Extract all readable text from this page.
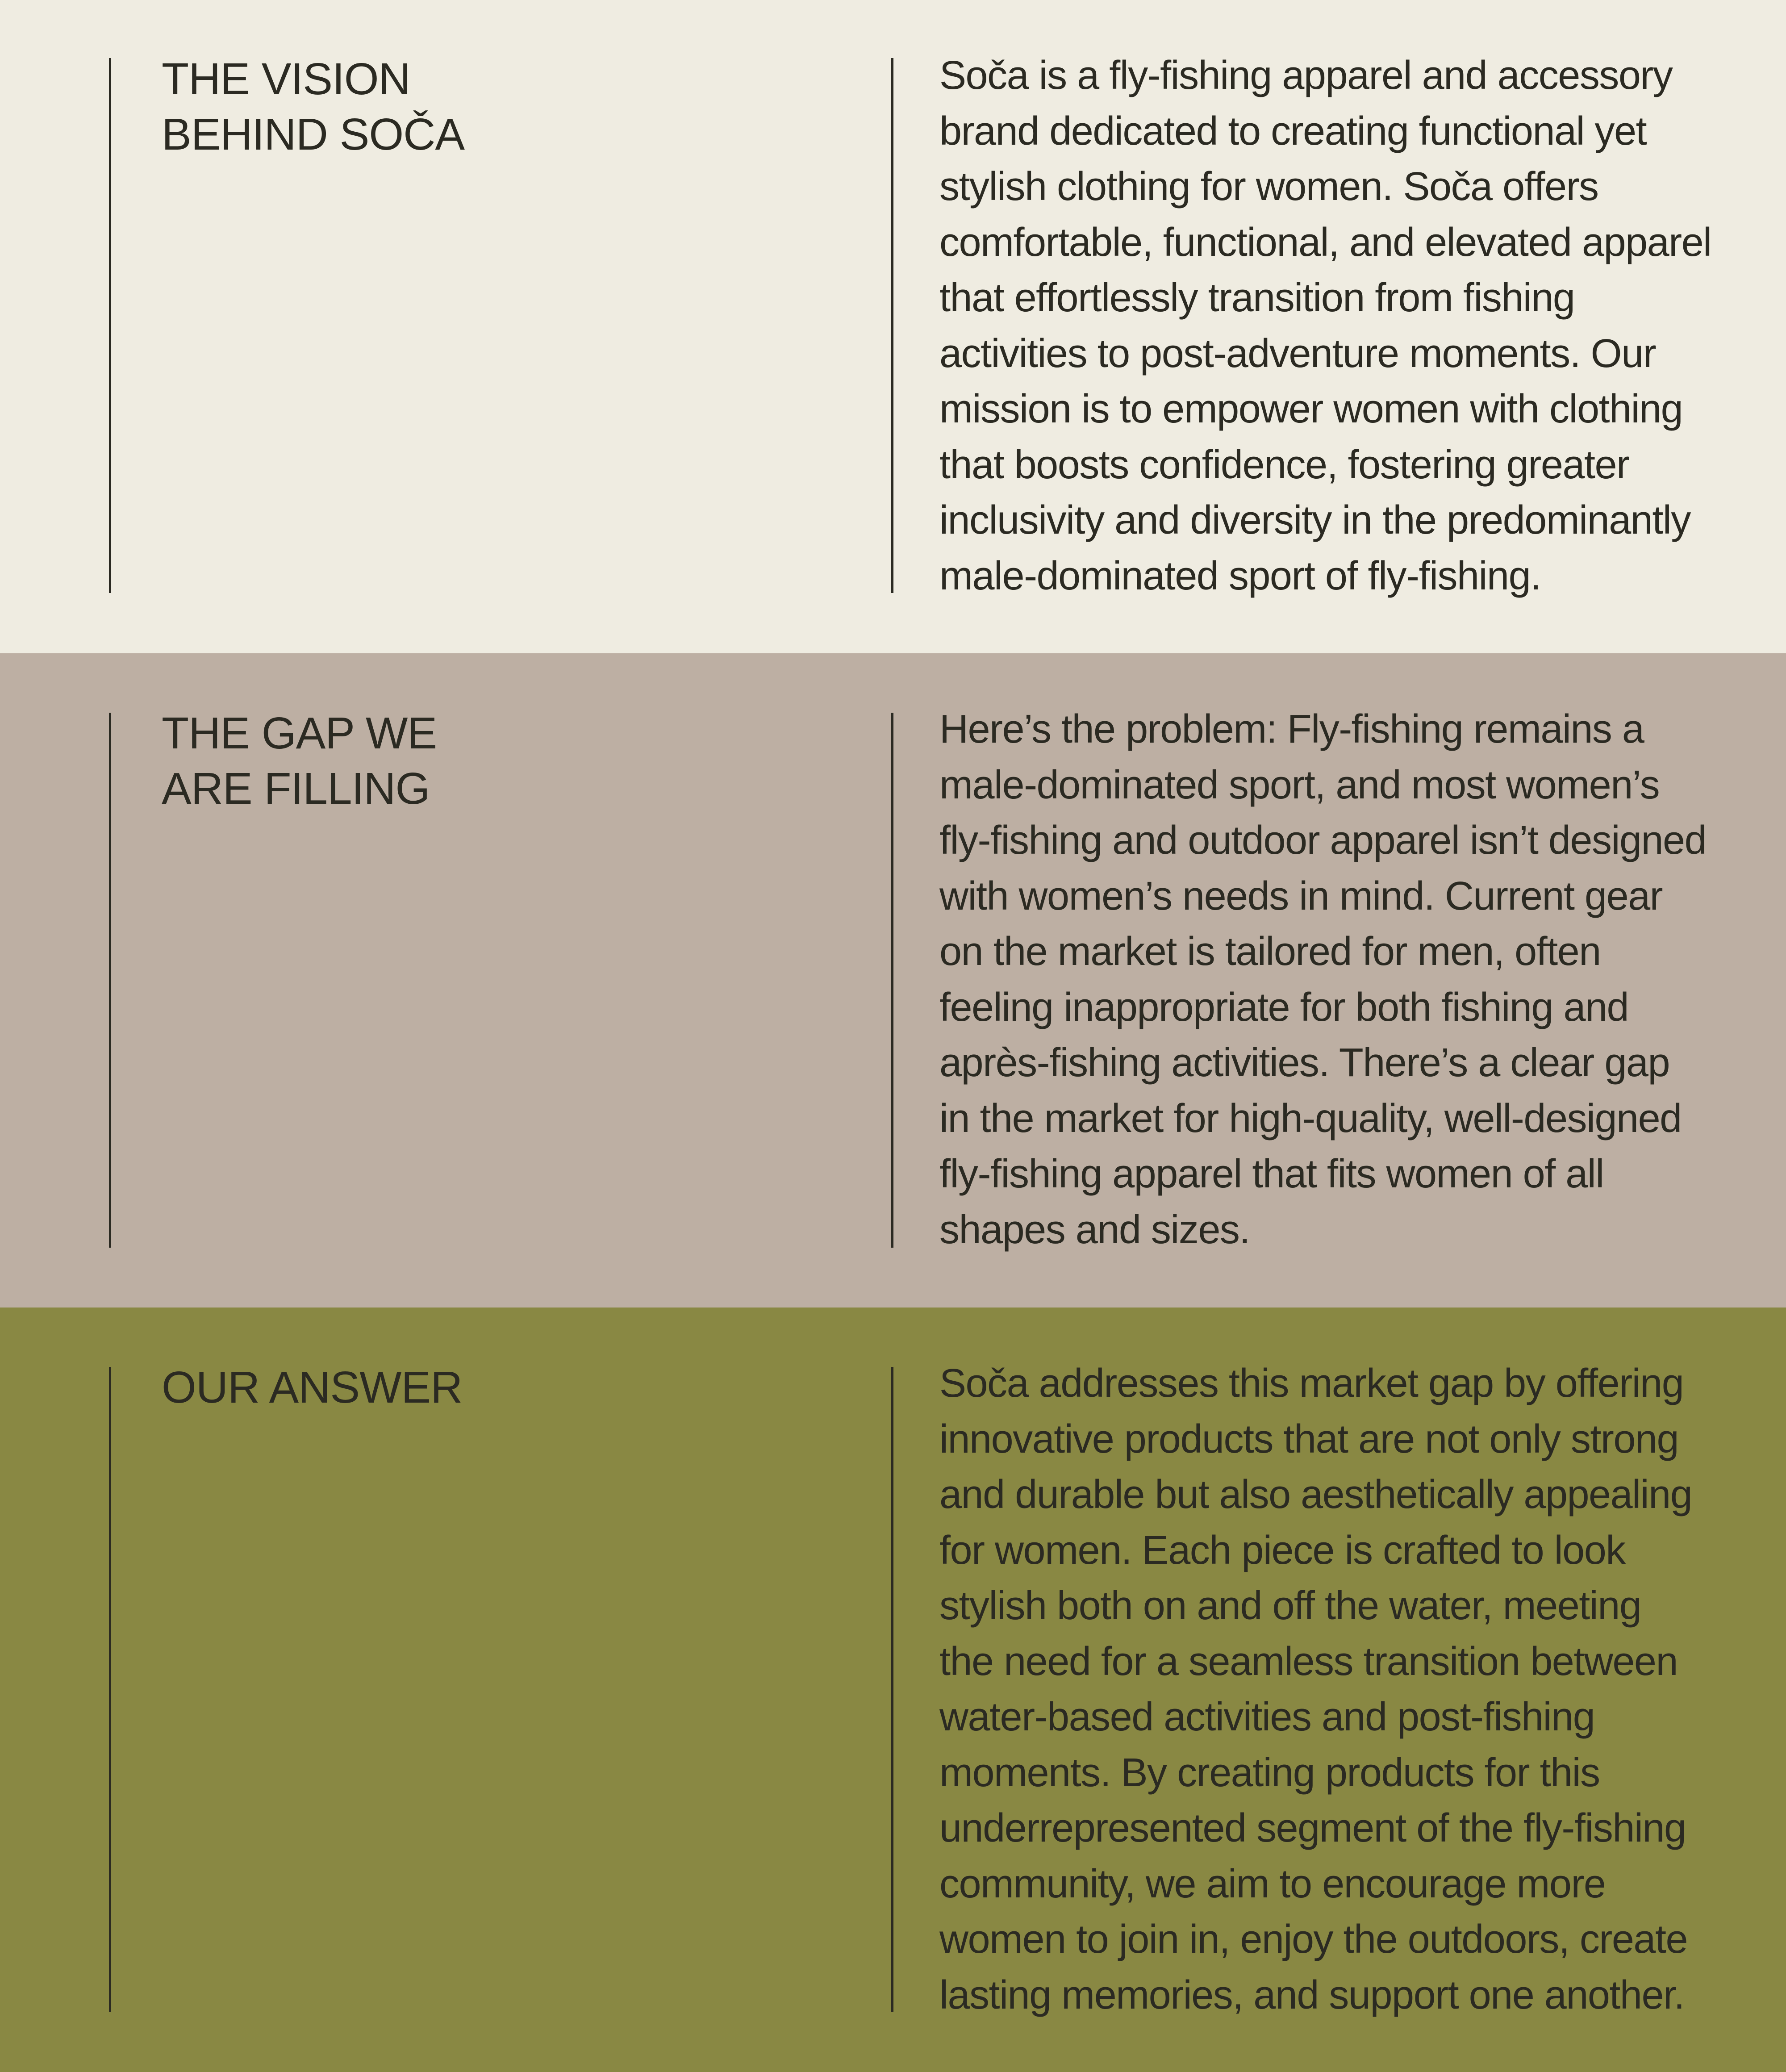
THE VISION
BEHIND SOČA

Soča is a fly-fishing apparel and accessory
brand dedicated to creating functional yet
stylish clothing for women. Soča offers
comfortable, functional, and elevated apparel
that effortlessly transition from fishing
activities to post-adventure moments. Our
mission is to empower women with clothing
that boosts confidence, fostering greater
inclusivity and diversity in the predominantly
male-dominated sport of fly-fishing.

THE GAP WE
ARE FILLING

Here’s the problem: Fly-fishing remains a
male-dominated sport, and most women’s
fly-fishing and outdoor apparel isn’t designed
with women’s needs in mind. Current gear
on the market is tailored for men, often
feeling inappropriate for both fishing and
après-fishing activities. There’s a clear gap
in the market for high-quality, well-designed
fly-fishing apparel that fits women of all
shapes and sizes.

OUR ANSWER	Soča addresses this market gap by offering
innovative products that are not only strong
and durable but also aesthetically appealing
for women. Each piece is crafted to look
stylish both on and off the water, meeting
the need for a seamless transition between
water-based activities and post-fishing
moments. By creating products for this
underrepresented segment of the fly-fishing
community, we aim to encourage more
women to join in, enjoy the outdoors, create
lasting memories, and support one another.
